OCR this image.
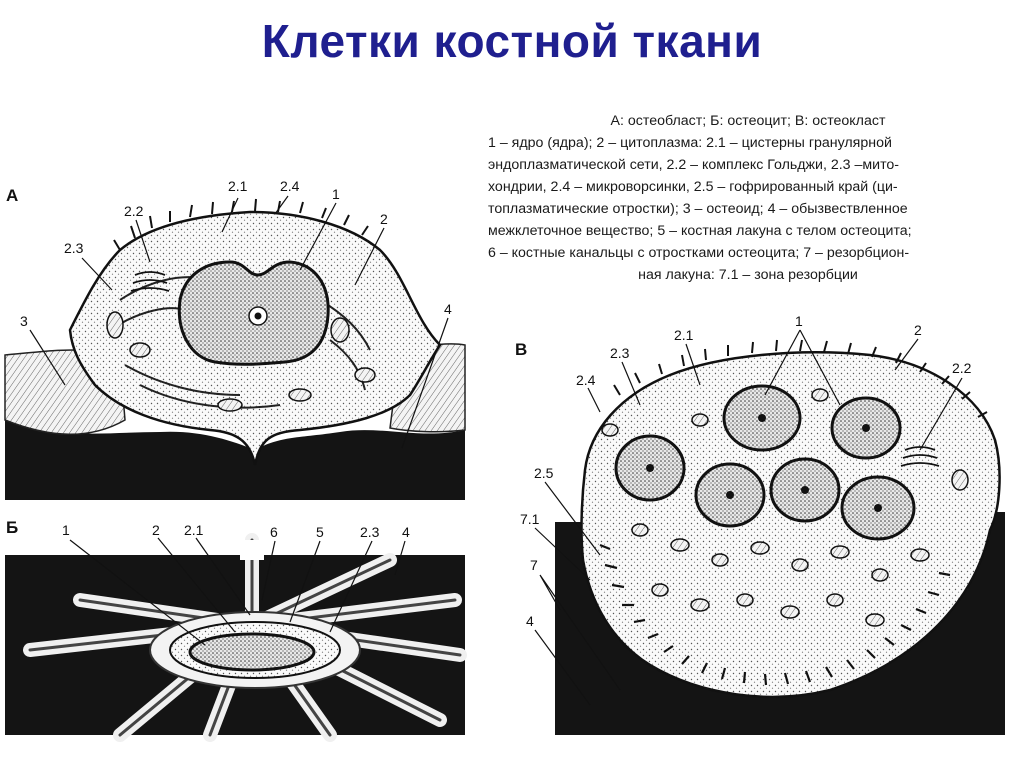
Клетки костной ткани
А: остеобласт; Б: остеоцит; В: остеокласт
1 – ядро (ядра); 2 – цитоплазма: 2.1 – цистерны гранулярной
эндоплазматической сети, 2.2 – комплекс Гольджи, 2.3 –мито-
хондрии, 2.4 – микроворсинки, 2.5 – гофрированный край (ци-
топлазматические отростки); 3 – остеоид; 4 – обызвествленное
межклеточное вещество; 5 – костная лакуна с телом остеоцита;
6 – костные канальцы с отростками остеоцита; 7 – резорбцион-
ная лакуна: 7.1 – зона резорбции
А
Б
В
2.1 2.4 1
2.2
2.3
2
3
4
1	2 2.1	6	5	2.3 4
1
2.1	2
2.3
2.2
2.4
2.5
7.1
7
4
